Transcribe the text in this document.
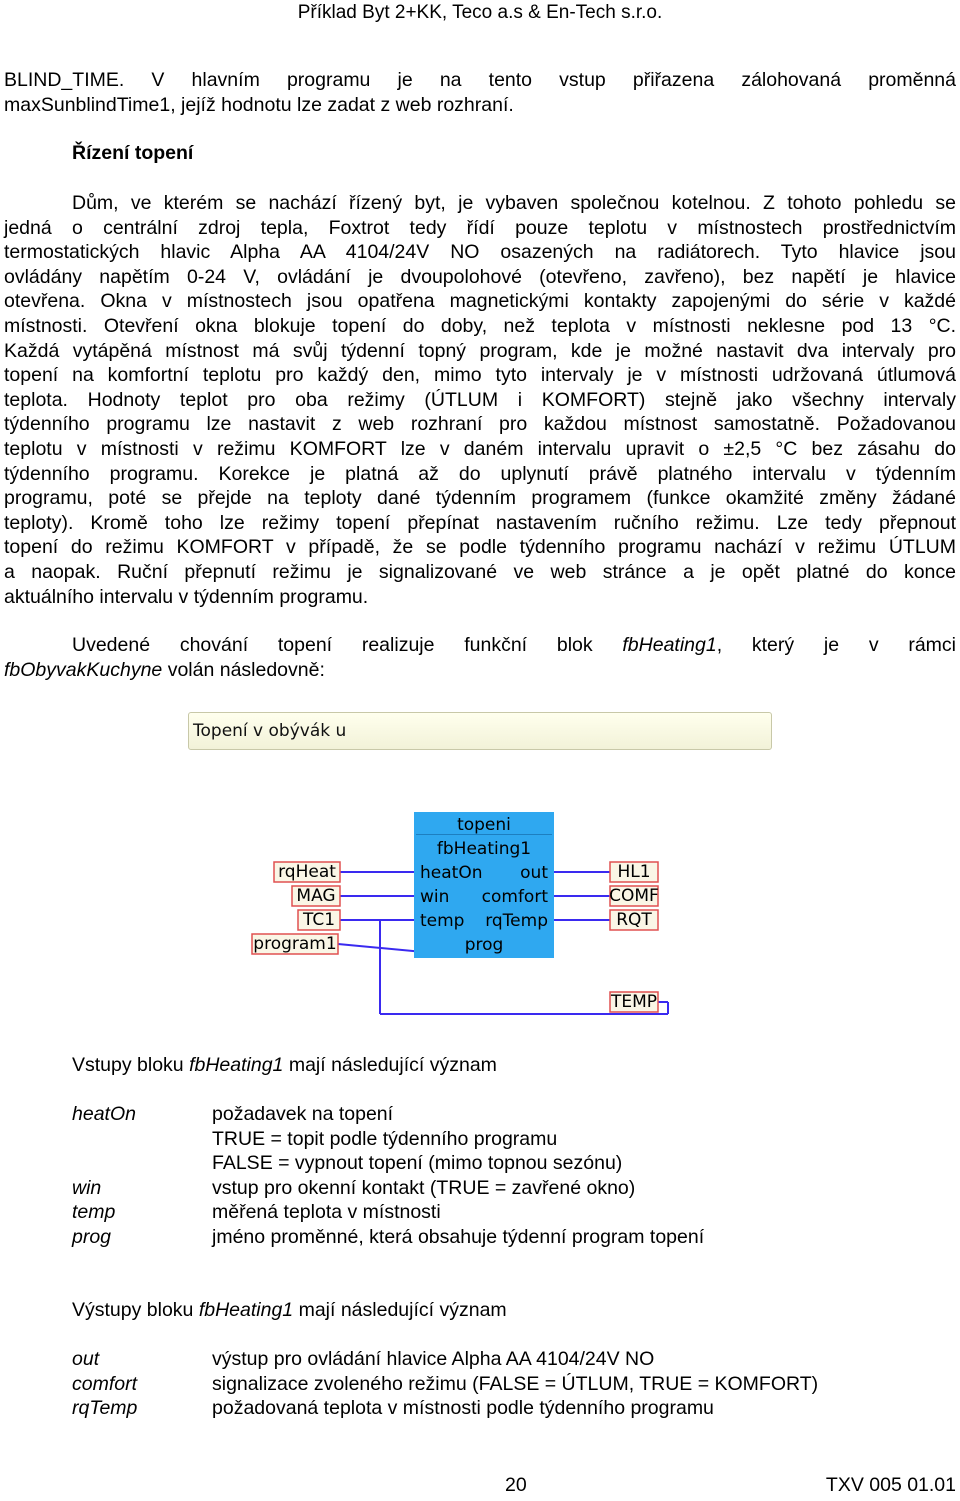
Příklad Byt 2+KK, Teco a.s & En-Tech s.r.o.
BLIND_TIME. V hlavním programu je na tento vstup přiřazena zálohovaná proměnná
maxSunblindTime1, jejíž hodnotu lze zadat z web rozhraní.
Řízení topení
Dům, ve kterém se nachází řízený byt, je vybaven společnou kotelnou. Z tohoto pohledu se
jedná o centrální zdroj tepla, Foxtrot tedy řídí pouze teplotu v místnostech prostřednictvím
termostatických hlavic Alpha AA 4104/24V NO osazených na radiátorech. Tyto hlavice jsou
ovládány napětím 0-24 V, ovládání je dvoupolohové (otevřeno, zavřeno), bez napětí je hlavice
otevřena. Okna v místnostech jsou opatřena magnetickými kontakty zapojenými do série v každé
místnosti. Otevření okna blokuje topení do doby, než teplota v místnosti neklesne pod 13 °C.
Každá vytápěná místnost má svůj týdenní topný program, kde je možné nastavit dva intervaly pro
topení na komfortní teplotu pro každý den, mimo tyto intervaly je v místnosti udržovaná útlumová
teplota. Hodnoty teplot pro oba režimy (ÚTLUM i KOMFORT) stejně jako všechny intervaly
týdenního programu lze nastavit z web rozhraní pro každou místnost samostatně. Požadovanou
teplotu v místnosti v režimu KOMFORT lze v daném intervalu upravit o ±2,5 °C bez zásahu do
týdenního programu. Korekce je platná až do uplynutí právě platného intervalu v týdenním
programu, poté se přejde na teploty dané týdenním programem (funkce okamžité změny žádané
teploty). Kromě toho lze režimy topení přepínat nastavením ručního režimu. Lze tedy přepnout
topení do režimu KOMFORT v případě, že se podle týdenního programu nachází v režimu ÚTLUM
a naopak. Ruční přepnutí režimu je signalizované ve web stránce a je opět platné do konce
aktuálního intervalu v týdenním programu.
Uvedené chování topení realizuje funkční blok fbHeating1, který je v rámci
fbObyvakKuchyne volán následovně:
Topení v obývák u
topeni
fbHeating1
heatOn
win
temp
out
comfort
rqTemp
prog
rqHeat
MAG
TC1
program1
HL1
COMF
RQT
TEMP
Vstupy bloku fbHeating1 mají následující význam
heatOn	požadavek na topení
TRUE = topit podle týdenního programu
FALSE = vypnout topení (mimo topnou sezónu)
win	vstup pro okenní kontakt (TRUE = zavřené okno)
temp	měřená teplota v místnosti
prog	jméno proměnné, která obsahuje týdenní program topení
Výstupy bloku fbHeating1 mají následující význam
out	výstup pro ovládání hlavice Alpha AA 4104/24V NO
comfort	signalizace zvoleného režimu (FALSE = ÚTLUM, TRUE = KOMFORT)
rqTemp	požadovaná teplota v místnosti podle týdenního programu
20	TXV 005 01.01
